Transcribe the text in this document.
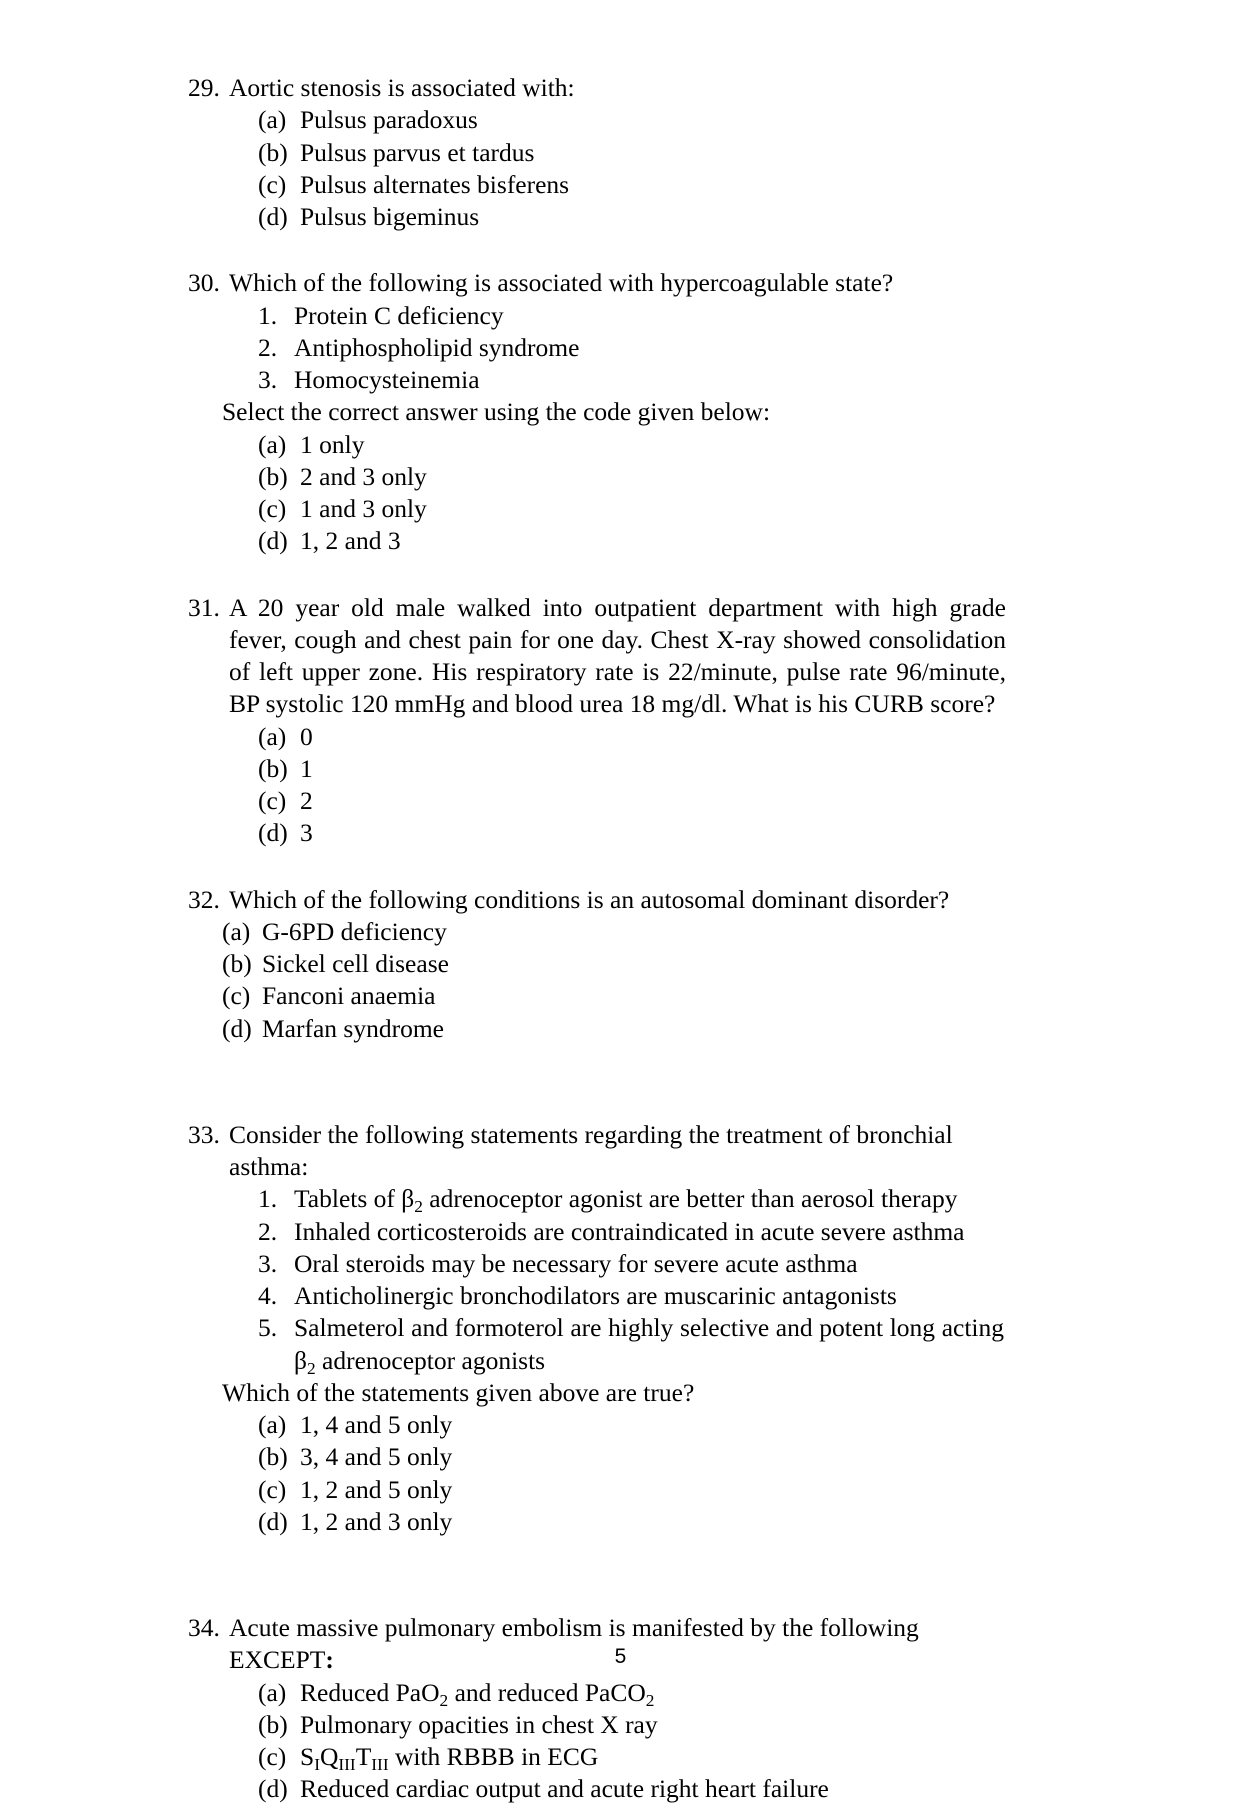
29. Aortic stenosis is associated with:
(a) Pulsus paradoxus
(b) Pulsus parvus et tardus
(c) Pulsus alternates bisferens
(d) Pulsus bigeminus
30. Which of the following is associated with hypercoagulable state?
1. Protein C deficiency
2. Antiphospholipid syndrome
3. Homocysteinemia
Select the correct answer using the code given below:
(a) 1 only
(b) 2 and 3 only
(c) 1 and 3 only
(d) 1, 2 and 3
31. A 20 year old male walked into outpatient department with high grade fever, cough and chest pain for one day. Chest X-ray showed consolidation of left upper zone. His respiratory rate is 22/minute, pulse rate 96/minute, BP systolic 120 mmHg and blood urea 18 mg/dl. What is his CURB score?
(a) 0
(b) 1
(c) 2
(d) 3
32. Which of the following conditions is an autosomal dominant disorder?
(a) G-6PD deficiency
(b) Sickel cell disease
(c) Fanconi anaemia
(d) Marfan syndrome
33. Consider the following statements regarding the treatment of bronchial asthma:
1. Tablets of $\beta_2$ adrenoceptor agonist are better than aerosol therapy
2. Inhaled corticosteroids are contraindicated in acute severe asthma
3. Oral steroids may be necessary for severe acute asthma
4. Anticholinergic bronchodilators are muscarinic antagonists
5. Salmeterol and formoterol are highly selective and potent long acting $\beta_2$ adrenoceptor agonists
Which of the statements given above are true?
(a) 1, 4 and 5 only
(b) 3, 4 and 5 only
(c) 1, 2 and 5 only
(d) 1, 2 and 3 only
34. Acute massive pulmonary embolism is manifested by the following EXCEPT:
(a) Reduced PaO$_2$ and reduced PaCO$_2$
(b) Pulmonary opacities in chest X ray
(c) $S_IQ_{III}T_{III}$ with RBBB in ECG
(d) Reduced cardiac output and acute right heart failure
5
